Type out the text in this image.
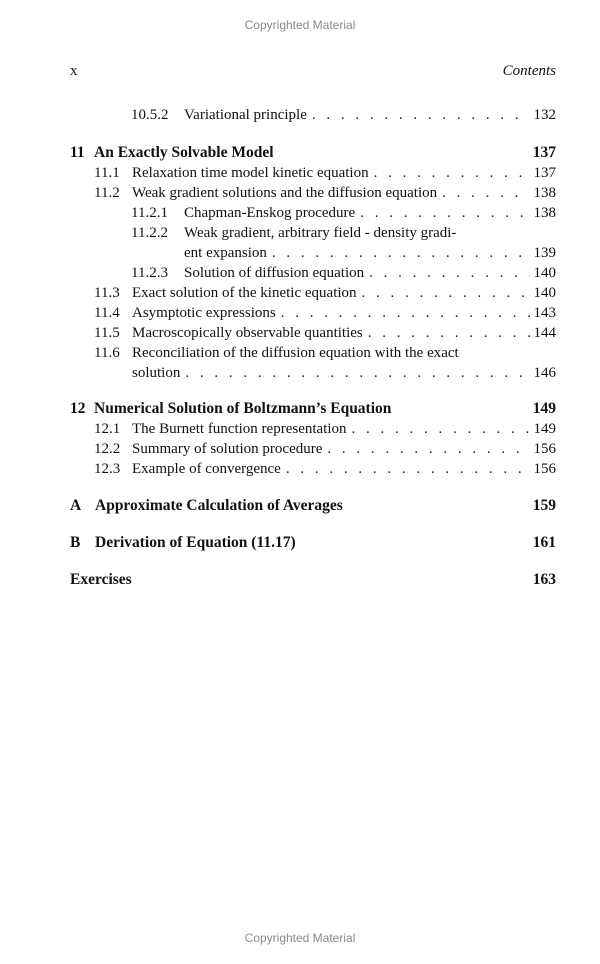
Copyrighted Material
x	Contents
10.5.2	Variational principle . . .	132
11 An Exactly Solvable Model	137
11.1 Relaxation time model kinetic equation . . .	137
11.2 Weak gradient solutions and the diffusion equation . . .	138
11.2.1	Chapman-Enskog procedure . . .	138
11.2.2 Weak gradient, arbitrary field - density gradi-
ent expansion . . .	139
11.2.3	Solution of diffusion equation . . .	140
11.3 Exact solution of the kinetic equation . . .	140
11.4 Asymptotic expressions . . .	143
11.5 Macroscopically observable quantities . . .	144
11.6 Reconciliation of the diffusion equation with the exact
solution . . .	146
12 Numerical Solution of Boltzmann’s Equation	149
12.1 The Burnett function representation . . .	149
12.2 Summary of solution procedure . . .	156
12.3 Example of convergence . . .	156
A Approximate Calculation of Averages	159
B Derivation of Equation (11.17)	161
Exercises	163
Copyrighted Material
